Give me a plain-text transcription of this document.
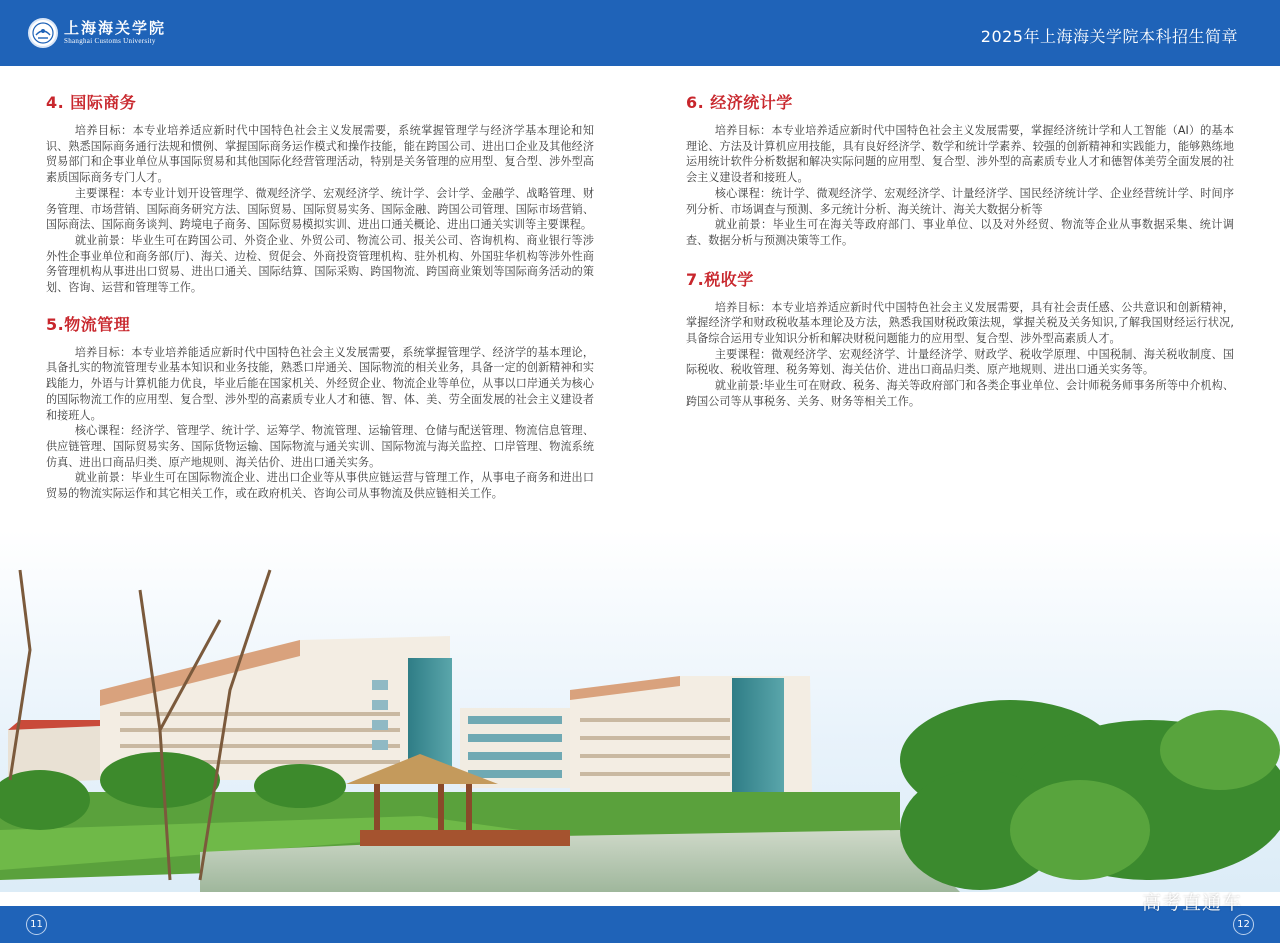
上海海关学院
Shanghai Customs University	2025年上海海关学院本科招生简章
4. 国际商务

培养目标：本专业培养适应新时代中国特色社会主义发展需要，系统掌握管理学与经济学基本理论和知识、熟悉国际商务通行法规和惯例、掌握国际商务运作模式和操作技能，能在跨国公司、进出口企业及其他经济贸易部门和企事业单位从事国际贸易和其他国际化经营管理活动，特别是关务管理的应用型、复合型、涉外型高素质国际商务专门人才。

主要课程：本专业计划开设管理学、微观经济学、宏观经济学、统计学、会计学、金融学、战略管理、财务管理、市场营销、国际商务研究方法、国际贸易、国际贸易实务、国际金融、跨国公司管理、国际市场营销、国际商法、国际商务谈判、跨境电子商务、国际贸易模拟实训、进出口通关概论、进出口通关实训等主要课程。

就业前景：毕业生可在跨国公司、外资企业、外贸公司、物流公司、报关公司、咨询机构、商业银行等涉外性企事业单位和商务部(厅)、海关、边检、贸促会、外商投资管理机构、驻外机构、外国驻华机构等涉外性商务管理机构从事进出口贸易、进出口通关、国际结算、国际采购、跨国物流、跨国商业策划等国际商务活动的策划、咨询、运营和管理等工作。

5.物流管理

培养目标：本专业培养能适应新时代中国特色社会主义发展需要，系统掌握管理学、经济学的基本理论，具备扎实的物流管理专业基本知识和业务技能，熟悉口岸通关、国际物流的相关业务，具备一定的创新精神和实践能力，外语与计算机能力优良，毕业后能在国家机关、外经贸企业、物流企业等单位，从事以口岸通关为核心的国际物流工作的应用型、复合型、涉外型的高素质专业人才和德、智、体、美、劳全面发展的社会主义建设者和接班人。

核心课程：经济学、管理学、统计学、运筹学、物流管理、运输管理、仓储与配送管理、物流信息管理、供应链管理、国际贸易实务、国际货物运输、国际物流与通关实训、国际物流与海关监控、口岸管理、物流系统仿真、进出口商品归类、原产地规则、海关估价、进出口通关实务。

就业前景：毕业生可在国际物流企业、进出口企业等从事供应链运营与管理工作，从事电子商务和进出口贸易的物流实际运作和其它相关工作，或在政府机关、咨询公司从事物流及供应链相关工作。

6. 经济统计学

培养目标：本专业培养适应新时代中国特色社会主义发展需要，掌握经济统计学和人工智能（AI）的基本理论、方法及计算机应用技能，具有良好经济学、数学和统计学素养、较强的创新精神和实践能力，能够熟练地运用统计软件分析数据和解决实际问题的应用型、复合型、涉外型的高素质专业人才和德智体美劳全面发展的社会主义建设者和接班人。

核心课程：统计学、微观经济学、宏观经济学、计量经济学、国民经济统计学、企业经营统计学、时间序列分析、市场调查与预测、多元统计分析、海关统计、海关大数据分析等

就业前景：毕业生可在海关等政府部门、事业单位、以及对外经贸、物流等企业从事数据采集、统计调查、数据分析与预测决策等工作。

7.税收学

培养目标：本专业培养适应新时代中国特色社会主义发展需要，具有社会责任感、公共意识和创新精神，掌握经济学和财政税收基本理论及方法，熟悉我国财税政策法规，掌握关税及关务知识,了解我国财经运行状况,具备综合运用专业知识分析和解决财税问题能力的应用型、复合型、涉外型高素质人才。

主要课程：微观经济学、宏观经济学、计量经济学、财政学、税收学原理、中国税制、海关税收制度、国际税收、税收管理、税务筹划、海关估价、进出口商品归类、原产地规则、进出口通关实务等。

就业前景:毕业生可在财政、税务、海关等政府部门和各类企事业单位、会计师税务师事务所等中介机构、跨国公司等从事税务、关务、财务等相关工作。

11	12
高考直通车
